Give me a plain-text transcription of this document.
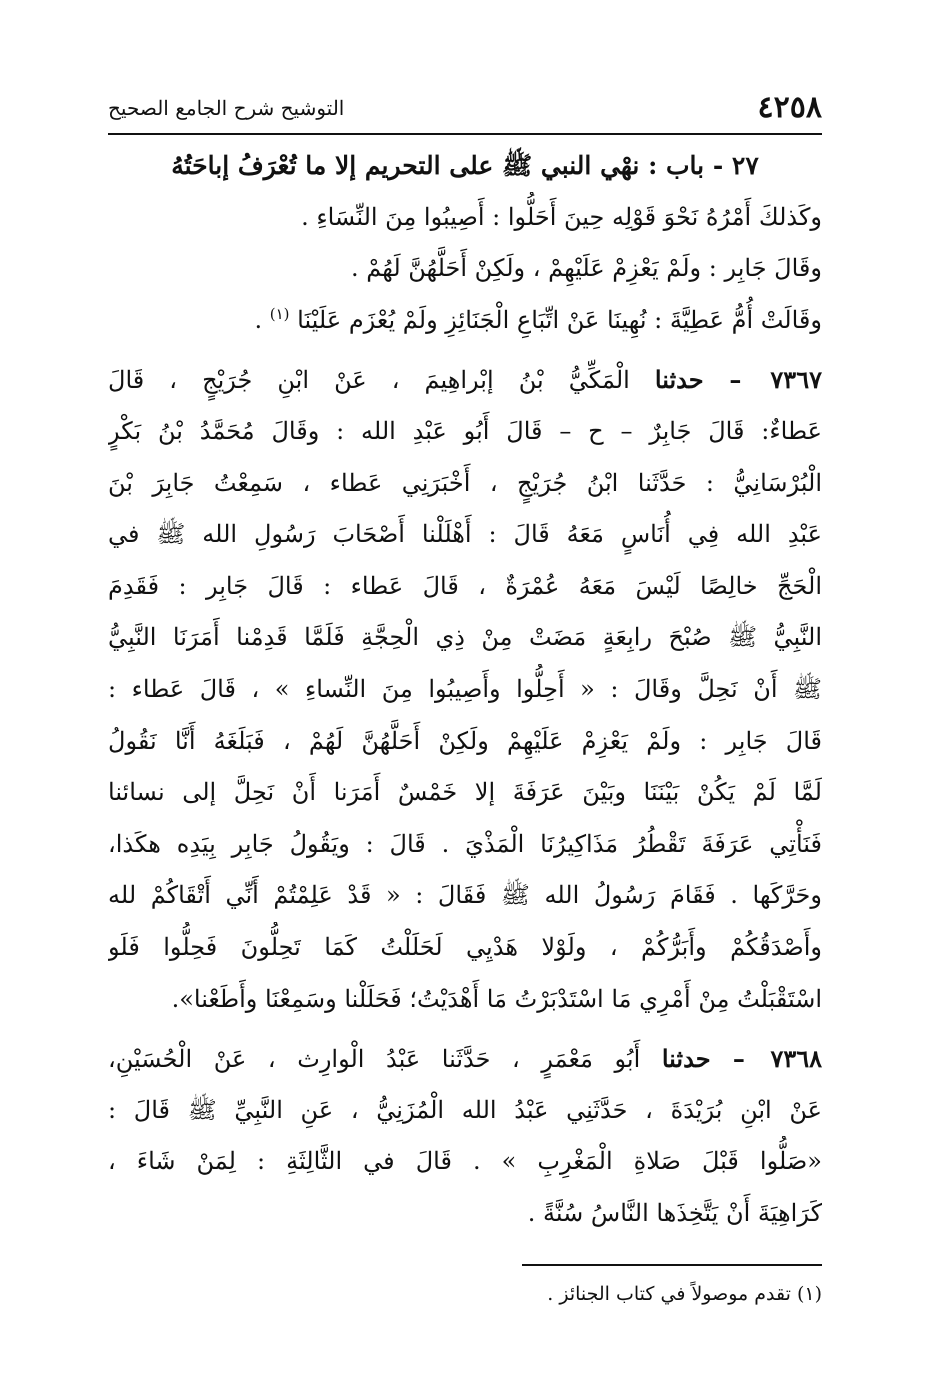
٤٢٥٨
التوشيح شرح الجامع الصحيح
٢٧ - باب : نهْي النبي ﷺ على التحريم إلا ما تُعْرَفُ إباحَتُهُ
وكَذلكَ أَمْرُهُ نَحْوَ قَوْلِه حِينَ أَحَلُّوا : أَصِيبُوا مِنَ النِّسَاءِ .
وقَالَ جَابِر : ولَمْ يَعْزِمْ عَلَيْهِمْ ، ولَكِنْ أَحَلَّهُنَّ لَهُمْ .
وقَالَتْ أُمُّ عَطِيَّةَ : نُهِينَا عَنْ اتِّبَاعِ الْجَنَائِزِ ولَمْ يُعْزَم عَلَيْنَا $^{(١)}$ .
٧٣٦٧ – حدثنا الْمَكِّيُّ بْنُ إبْراهِيمَ ، عَنْ ابْنِ جُرَيْجٍ ، قَالَ
عَطاءٌ: قَالَ جَابِرٌ – ح – قَالَ أَبُو عَبْدِ الله : وقَالَ مُحَمَّدُ بْنُ بَكْرٍ
الْبُرْسَانِيُّ : حَدَّثَنا ابْنُ جُرَيْجٍ ، أَخْبَرَنِي عَطاء ، سَمِعْتُ جَابِرَ بْنَ
عَبْدِ الله فِي أُنَاسٍ مَعَهُ قَالَ : أَهْلَلْنا أَصْحَابَ رَسُولِ الله ﷺ في
الْحَجِّ خالِصًا لَيْسَ مَعَهُ عُمْرَةٌ ، قَالَ عَطاء : قَالَ جَابِر : فَقَدِمَ
النَّبِيُّ ﷺ صُبْحَ رابِعَةٍ مَضَتْ مِنْ ذِي الْحِجَّةِ فَلَمَّا قَدِمْنا أَمَرَنَا النَّبِيُّ
ﷺ أَنْ نَحِلَّ وقَالَ : « أَحِلُّوا وأَصِيبُوا مِنَ النِّساءِ » ، قَالَ عَطاء :
قَالَ جَابِر : ولَمْ يَعْزِمْ عَلَيْهِمْ ولَكِنْ أَحَلَّهُنَّ لَهُمْ ، فَبَلَغَهُ أَنَّا نَقُولُ
لَمَّا لَمْ يَكُنْ بَيْنَنَا وبَيْنَ عَرَفَةَ إلا خَمْسٌ أَمَرَنا أَنْ نَحِلَّ إلى نسائنا
فَنَأْتِي عَرَفَةَ تَقْطُرُ مَذَاكِيرُنَا الْمَذْيَ . قَالَ : ويَقُولُ جَابِر بِيَدِه هكَذا،
وحَرَّكَها . فَقَامَ رَسُولُ الله ﷺ فَقَالَ : « قَدْ عَلِمْتُمْ أَنِّي أَتْقَاكُمْ لله
وأَصْدَقُكُمْ وأَبَرُّكُمْ ، ولَوْلا هَدْيِي لَحَلَلْتُ كَمَا تَحِلُّونَ فَحِلُّوا فَلَو
اسْتَقْبَلْتُ مِنْ أَمْرِي مَا اسْتَدْبَرْتُ مَا أَهْدَيْتُ؛ فَحَلَلْنا وسَمِعْنَا وأَطَعْنا».
٧٣٦٨ – حدثنا أَبُو مَعْمَرٍ ، حَدَّثَنا عَبْدُ الْوارِث ، عَنْ الْحُسَيْنِ،
عَنْ ابْنِ بُرَيْدَةَ ، حَدَّثَنِي عَبْدُ الله الْمُزَنِيُّ ، عَنِ النَّبِيِّ ﷺ قَالَ :
«صَلُّوا قَبْلَ صَلاةِ الْمَغْرِبِ » . قَالَ في الثَّالِثَةِ : لِمَنْ شَاءَ ،
كَرَاهِيَةَ أَنْ يَتَّخِذَها النَّاسُ سُنَّةً .
(١) تقدم موصولاً في كتاب الجنائز .
